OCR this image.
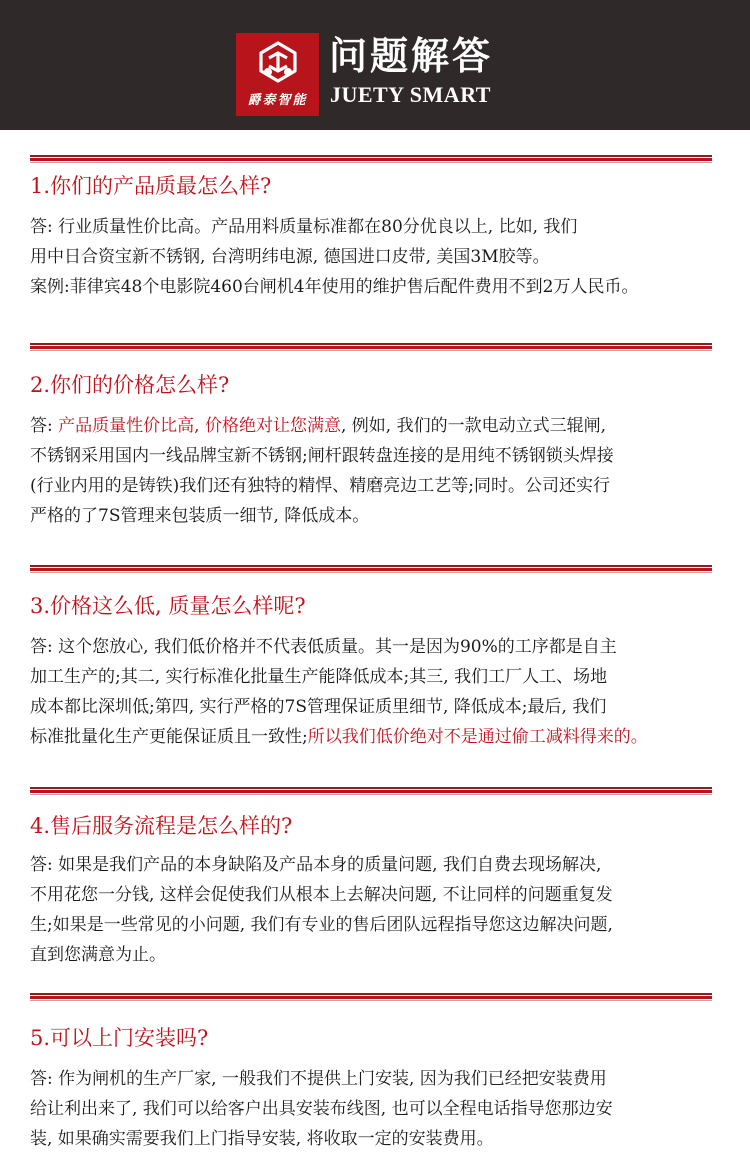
爵泰智能
问题解答
JUETY SMART
1.你们的产品质最怎么样?
答: 行业质量性价比高。产品用料质量标准都在80分优良以上, 比如, 我们
用中日合资宝新不锈钢, 台湾明纬电源, 德国进口皮带, 美国3M胶等。
案例:菲律宾48个电影院460台闸机4年使用的维护售后配件费用不到2万人民币。
2.你们的价格怎么样?
答: 产品质量性价比高, 价格绝对让您满意, 例如, 我们的一款电动立式三辊闸,
不锈钢采用国内一线品牌宝新不锈钢;闸杆跟转盘连接的是用纯不锈钢锁头焊接
(行业内用的是铸铁)我们还有独特的精悍、精磨亮边工艺等;同时。公司还实行
严格的了7S管理来包装质一细节, 降低成本。
3.价格这么低, 质量怎么样呢?
答: 这个您放心, 我们低价格并不代表低质量。其一是因为90%的工序都是自主
加工生产的;其二, 实行标准化批量生产能降低成本;其三, 我们工厂人工、场地
成本都比深圳低;第四, 实行严格的7S管理保证质里细节, 降低成本;最后, 我们
标准批量化生产更能保证质且一致性;所以我们低价绝对不是通过偷工减料得来的。
4.售后服务流程是怎么样的?
答: 如果是我们产品的本身缺陷及产品本身的质量问题, 我们自费去现场解决,
不用花您一分钱, 这样会促使我们从根本上去解决问题, 不让同样的问题重复发
生;如果是一些常见的小问题, 我们有专业的售后团队远程指导您这边解决问题,
直到您满意为止。
5.可以上门安装吗?
答: 作为闸机的生产厂家, 一般我们不提供上门安装, 因为我们已经把安装费用
给让利出来了, 我们可以给客户出具安装布线图, 也可以全程电话指导您那边安
装, 如果确实需要我们上门指导安装, 将收取一定的安装费用。
